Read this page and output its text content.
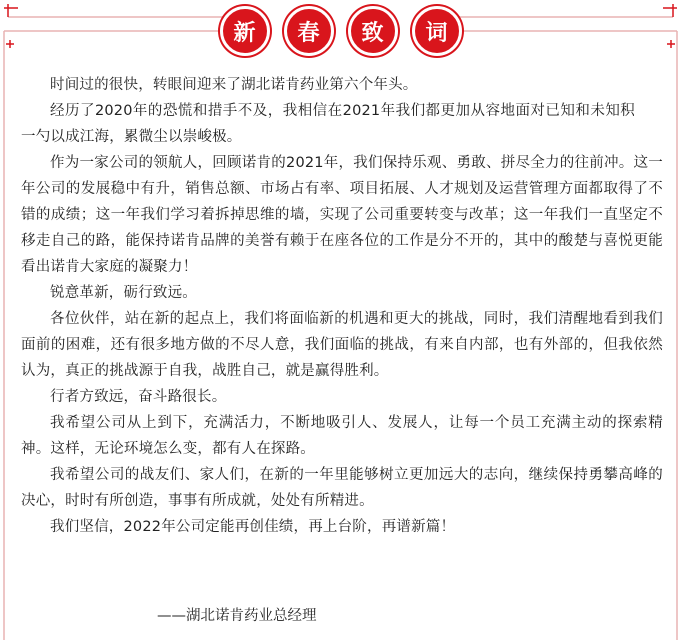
新	春	致	词

时间过的很快，转眼间迎来了湖北诺肯药业第六个年头。

经历了2020年的恐慌和措手不及，我相信在2021年我们都更加从容地面对已知和未知积一勺以成江海，累微尘以崇峻极。

作为一家公司的领航人，回顾诺肯的2021年，我们保持乐观、勇敢、拼尽全力的往前冲。这一年公司的发展稳中有升，销售总额、市场占有率、项目拓展、人才规划及运营管理方面都取得了不错的成绩；这一年我们学习着拆掉思维的墙，实现了公司重要转变与改革；这一年我们一直坚定不移走自己的路，能保持诺肯品牌的美誉有赖于在座各位的工作是分不开的，其中的酸楚与喜悦更能看出诺肯大家庭的凝聚力！

锐意革新，砺行致远。

各位伙伴，站在新的起点上，我们将面临新的机遇和更大的挑战，同时，我们清醒地看到我们面前的困难，还有很多地方做的不尽人意，我们面临的挑战，有来自内部，也有外部的，但我依然认为，真正的挑战源于自我，战胜自己，就是赢得胜利。

行者方致远，奋斗路很长。

我希望公司从上到下，充满活力，不断地吸引人、发展人，让每一个员工充满主动的探索精神。这样，无论环境怎么变，都有人在探路。

我希望公司的战友们、家人们，在新的一年里能够树立更加远大的志向，继续保持勇攀高峰的决心，时时有所创造，事事有所成就，处处有所精进。

我们坚信，2022年公司定能再创佳绩，再上台阶，再谱新篇！

——湖北诺肯药业总经理
